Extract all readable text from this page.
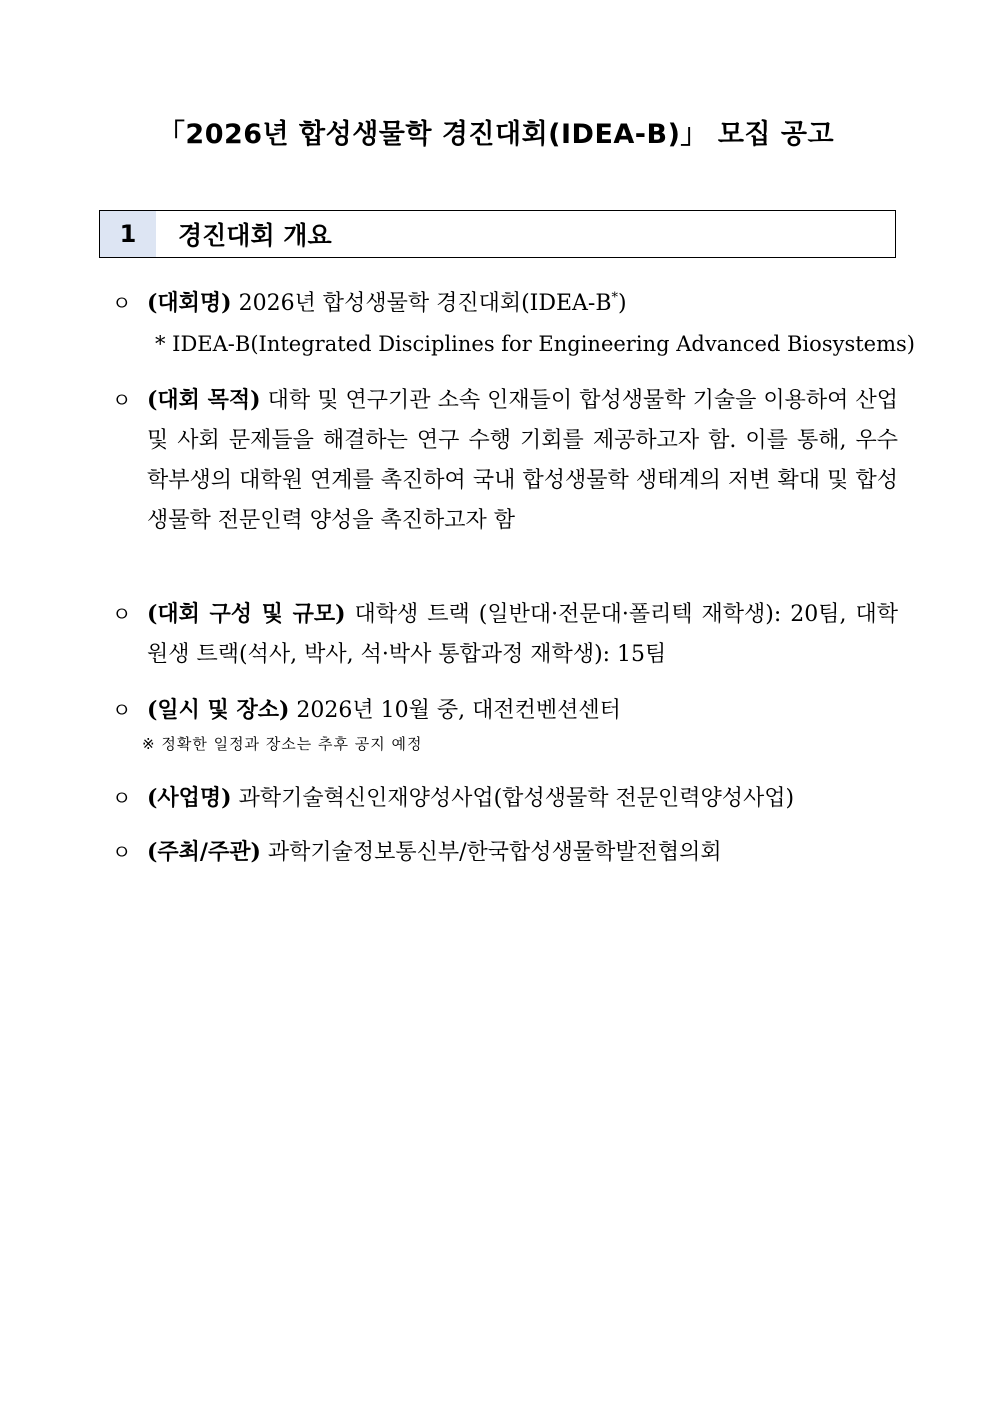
「2026년 합성생물학 경진대회(IDEA-B)」 모집 공고
1	경진대회 개요
ㅇ (대회명) 2026년 합성생물학 경진대회(IDEA-B*)
* IDEA-B(Integrated Disciplines for Engineering Advanced Biosystems)
ㅇ (대회 목적) 대학 및 연구기관 소속 인재들이 합성생물학 기술을 이용하여 산업 및 사회 문제들을 해결하는 연구 수행 기회를 제공하고자 함. 이를 통해, 우수 학부생의 대학원 연계를 촉진하여 국내 합성생물학 생태계의 저변 확대 및 합성생물학 전문인력 양성을 촉진하고자 함
ㅇ (대회 구성 및 규모) 대학생 트랙 (일반대·전문대·폴리텍 재학생): 20팀, 대학원생 트랙(석사, 박사, 석·박사 통합과정 재학생): 15팀
ㅇ (일시 및 장소) 2026년 10월 중, 대전컨벤션센터
※ 정확한 일정과 장소는 추후 공지 예정
ㅇ (사업명) 과학기술혁신인재양성사업(합성생물학 전문인력양성사업)
ㅇ (주최/주관) 과학기술정보통신부/한국합성생물학발전협의회
